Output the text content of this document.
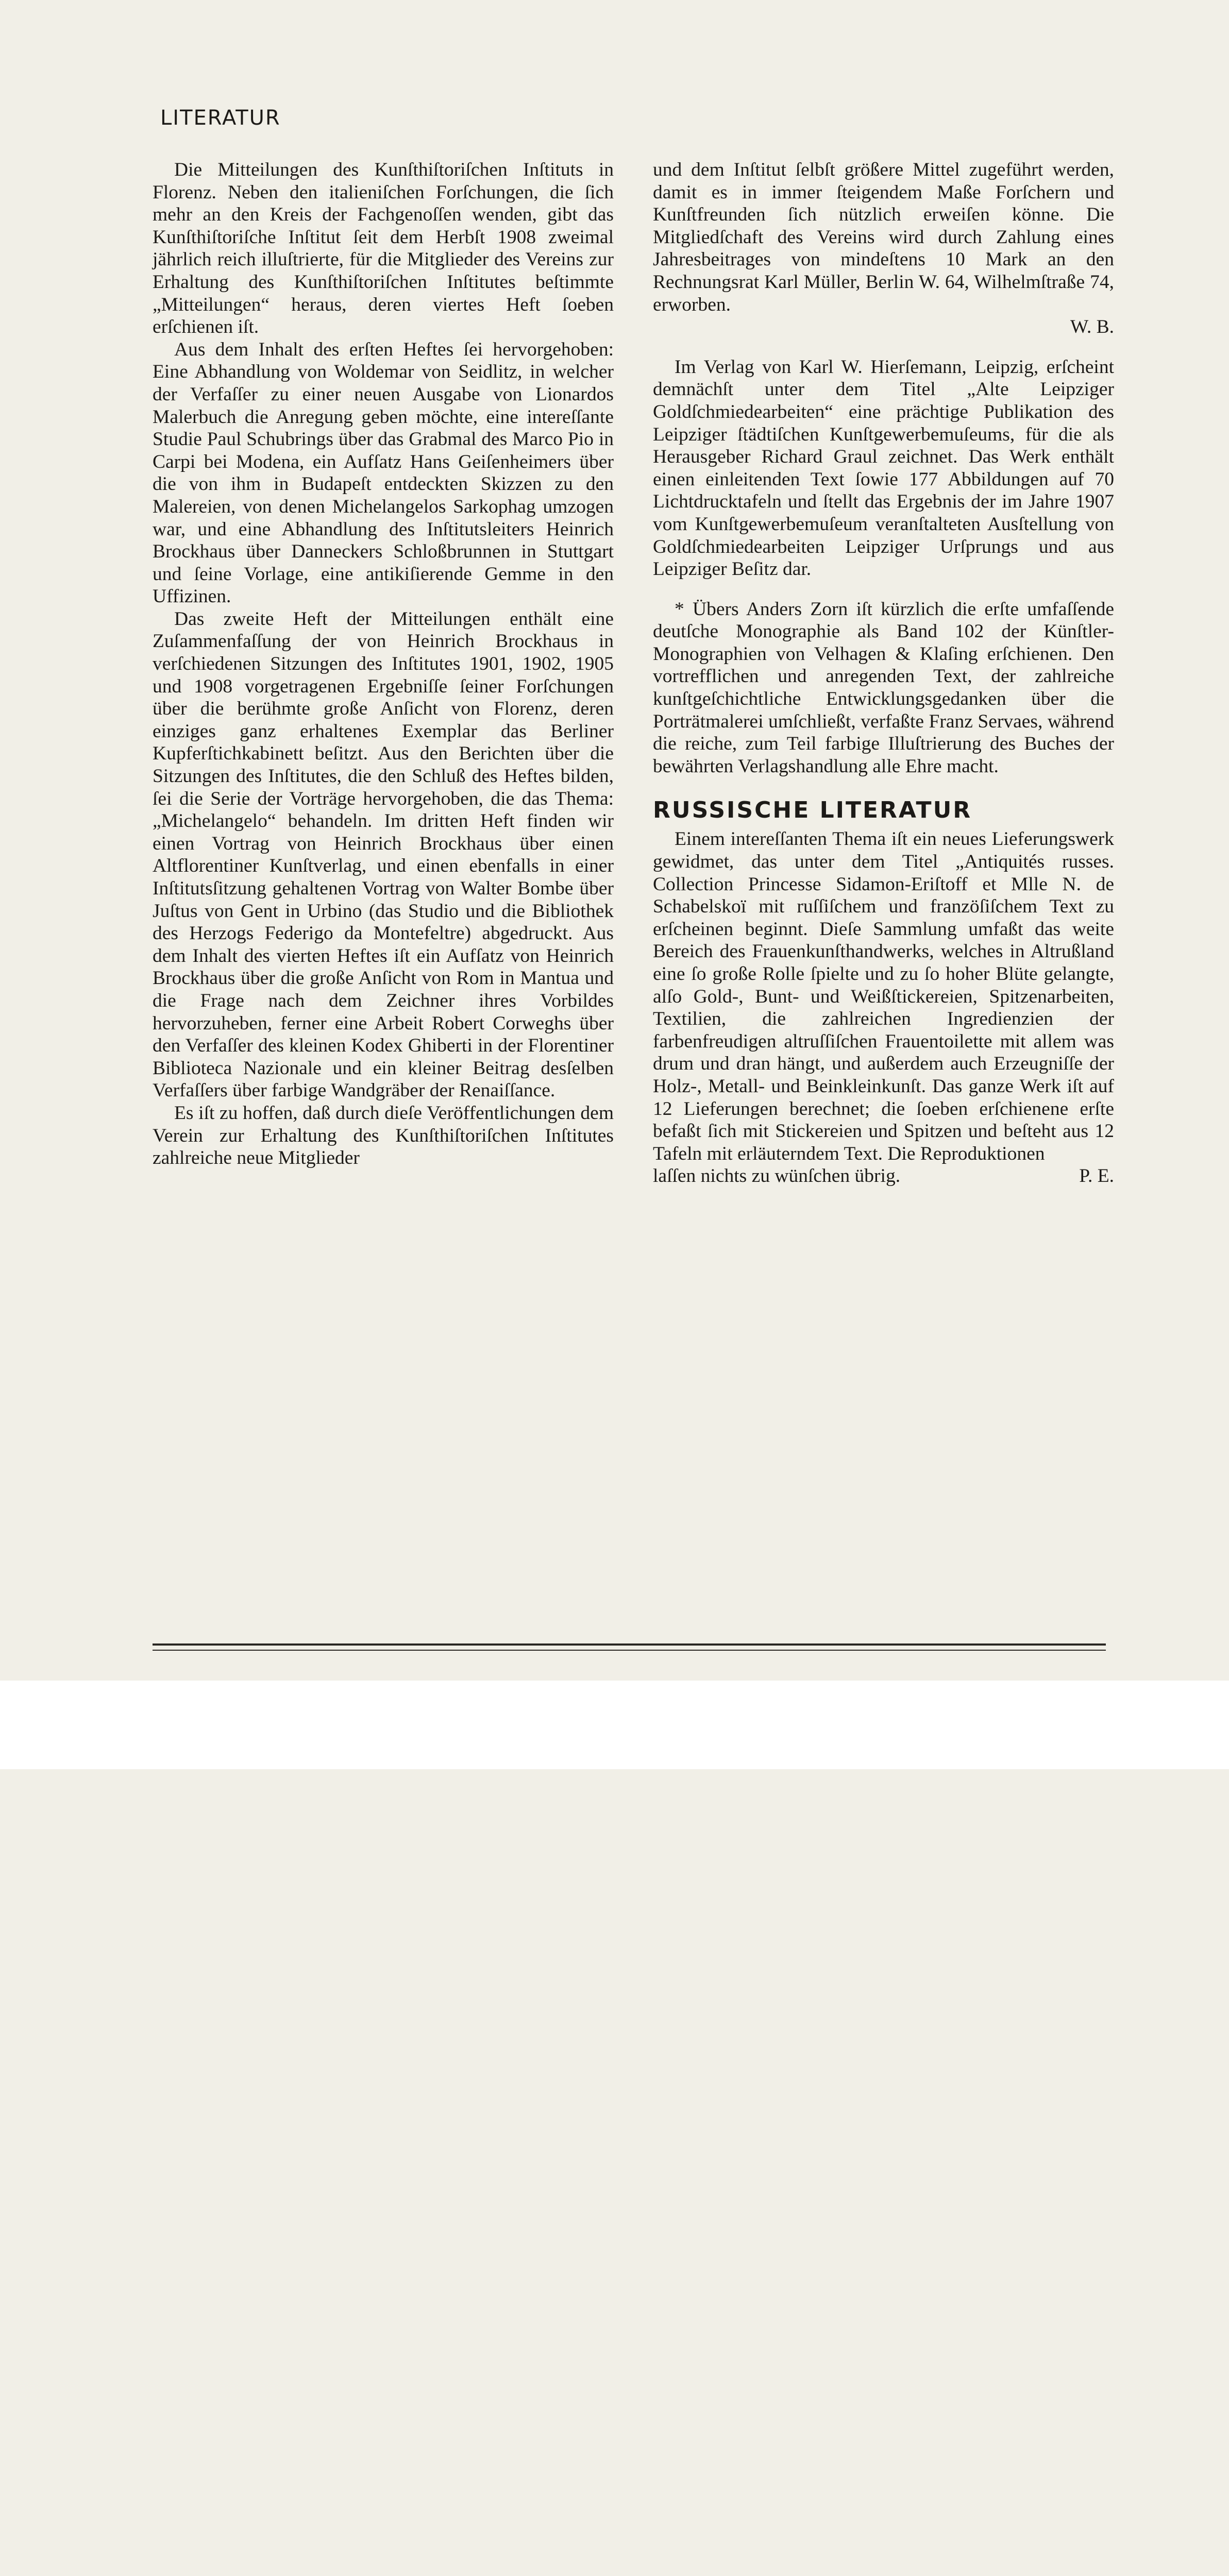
LITERATUR

Die Mitteilungen des Kunſthiſtoriſchen Inſtituts in Florenz. Neben den italieniſchen Forſchungen, die ſich mehr an den Kreis der Fachgenoſſen wenden, gibt das Kunſthiſtoriſche Inſtitut ſeit dem Herbſt 1908 zweimal jährlich reich illuſtrierte, für die Mitglieder des Vereins zur Erhaltung des Kunſthiſtoriſchen Inſtitutes beſtimmte „Mitteilungen“ heraus, deren viertes Heft ſoeben erſchienen iſt.

Aus dem Inhalt des erſten Heftes ſei hervorgehoben: Eine Abhandlung von Woldemar von Seidlitz, in welcher der Verfaſſer zu einer neuen Ausgabe von Lionardos Malerbuch die Anregung geben möchte, eine intereſſante Studie Paul Schubrings über das Grabmal des Marco Pio in Carpi bei Modena, ein Aufſatz Hans Geiſenheimers über die von ihm in Budapeſt entdeckten Skizzen zu den Malereien, von denen Michelangelos Sarkophag umzogen war, und eine Abhandlung des Inſtitutsleiters Heinrich Brockhaus über Danneckers Schloßbrunnen in Stuttgart und ſeine Vorlage, eine antikiſierende Gemme in den Uffizinen.

Das zweite Heft der Mitteilungen enthält eine Zuſammenfaſſung der von Heinrich Brockhaus in verſchiedenen Sitzungen des Inſtitutes 1901, 1902, 1905 und 1908 vorgetragenen Ergebniſſe ſeiner Forſchungen über die berühmte große Anſicht von Florenz, deren einziges ganz erhaltenes Exemplar das Berliner Kupferſtichkabinett beſitzt. Aus den Berichten über die Sitzungen des Inſtitutes, die den Schluß des Heftes bilden, ſei die Serie der Vorträge hervorgehoben, die das Thema: „Michelangelo“ behandeln. Im dritten Heft finden wir einen Vortrag von Heinrich Brockhaus über einen Altflorentiner Kunſtverlag, und einen ebenfalls in einer Inſtitutsſitzung gehaltenen Vortrag von Walter Bombe über Juſtus von Gent in Urbino (das Studio und die Bibliothek des Herzogs Federigo da Montefeltre) abgedruckt. Aus dem Inhalt des vierten Heftes iſt ein Aufſatz von Heinrich Brockhaus über die große Anſicht von Rom in Mantua und die Frage nach dem Zeichner ihres Vorbildes hervorzuheben, ferner eine Arbeit Robert Corweghs über den Verfaſſer des kleinen Kodex Ghiberti in der Florentiner Biblioteca Nazionale und ein kleiner Beitrag desſelben Verfaſſers über farbige Wandgräber der Renaiſſance.

Es iſt zu hoffen, daß durch dieſe Veröffentlichungen dem Verein zur Erhaltung des Kunſthiſtoriſchen Inſtitutes zahlreiche neue Mitglieder

und dem Inſtitut ſelbſt größere Mittel zugeführt werden, damit es in immer ſteigendem Maße Forſchern und Kunſtfreunden ſich nützlich erweiſen könne. Die Mitgliedſchaft des Vereins wird durch Zahlung eines Jahresbeitrages von mindeſtens 10 Mark an den Rechnungsrat Karl Müller, Berlin W. 64, Wilhelmſtraße 74, erworben.

W. B.

Im Verlag von Karl W. Hierſemann, Leipzig, erſcheint demnächſt unter dem Titel „Alte Leipziger Goldſchmiedearbeiten“ eine prächtige Publikation des Leipziger ſtädtiſchen Kunſtgewerbemuſeums, für die als Herausgeber Richard Graul zeichnet. Das Werk enthält einen einleitenden Text ſowie 177 Abbildungen auf 70 Lichtdrucktafeln und ſtellt das Ergebnis der im Jahre 1907 vom Kunſtgewerbemuſeum veranſtalteten Ausſtellung von Goldſchmiedearbeiten Leipziger Urſprungs und aus Leipziger Beſitz dar.

* Übers Anders Zorn iſt kürzlich die erſte umfaſſende deutſche Monographie als Band 102 der Künſtler-Monographien von Velhagen & Klaſing erſchienen. Den vortrefflichen und anregenden Text, der zahlreiche kunſtgeſchichtliche Entwicklungsgedanken über die Porträtmalerei umſchließt, verfaßte Franz Servaes, während die reiche, zum Teil farbige Illuſtrierung des Buches der bewährten Verlagshandlung alle Ehre macht.

RUSSISCHE LITERATUR

Einem intereſſanten Thema iſt ein neues Lieferungswerk gewidmet, das unter dem Titel „Antiquités russes. Collection Princesse Sidamon-Eriſtoff et Mlle N. de Schabelskoï mit ruſſiſchem und franzöſiſchem Text zu erſcheinen beginnt. Dieſe Sammlung umfaßt das weite Bereich des Frauenkunſthandwerks, welches in Altrußland eine ſo große Rolle ſpielte und zu ſo hoher Blüte gelangte, alſo Gold-, Bunt- und Weißſtickereien, Spitzenarbeiten, Textilien, die zahlreichen Ingredienzien der farbenfreudigen altruſſiſchen Frauentoilette mit allem was drum und dran hängt, und außerdem auch Erzeugniſſe der Holz-, Metall- und Beinkleinkunſt. Das ganze Werk iſt auf 12 Lieferungen berechnet; die ſoeben erſchienene erſte befaßt ſich mit Stickereien und Spitzen und beſteht aus 12 Tafeln mit erläuterndem Text. Die Reproduktionen

laſſen nichts zu wünſchen übrig.	P. E.
